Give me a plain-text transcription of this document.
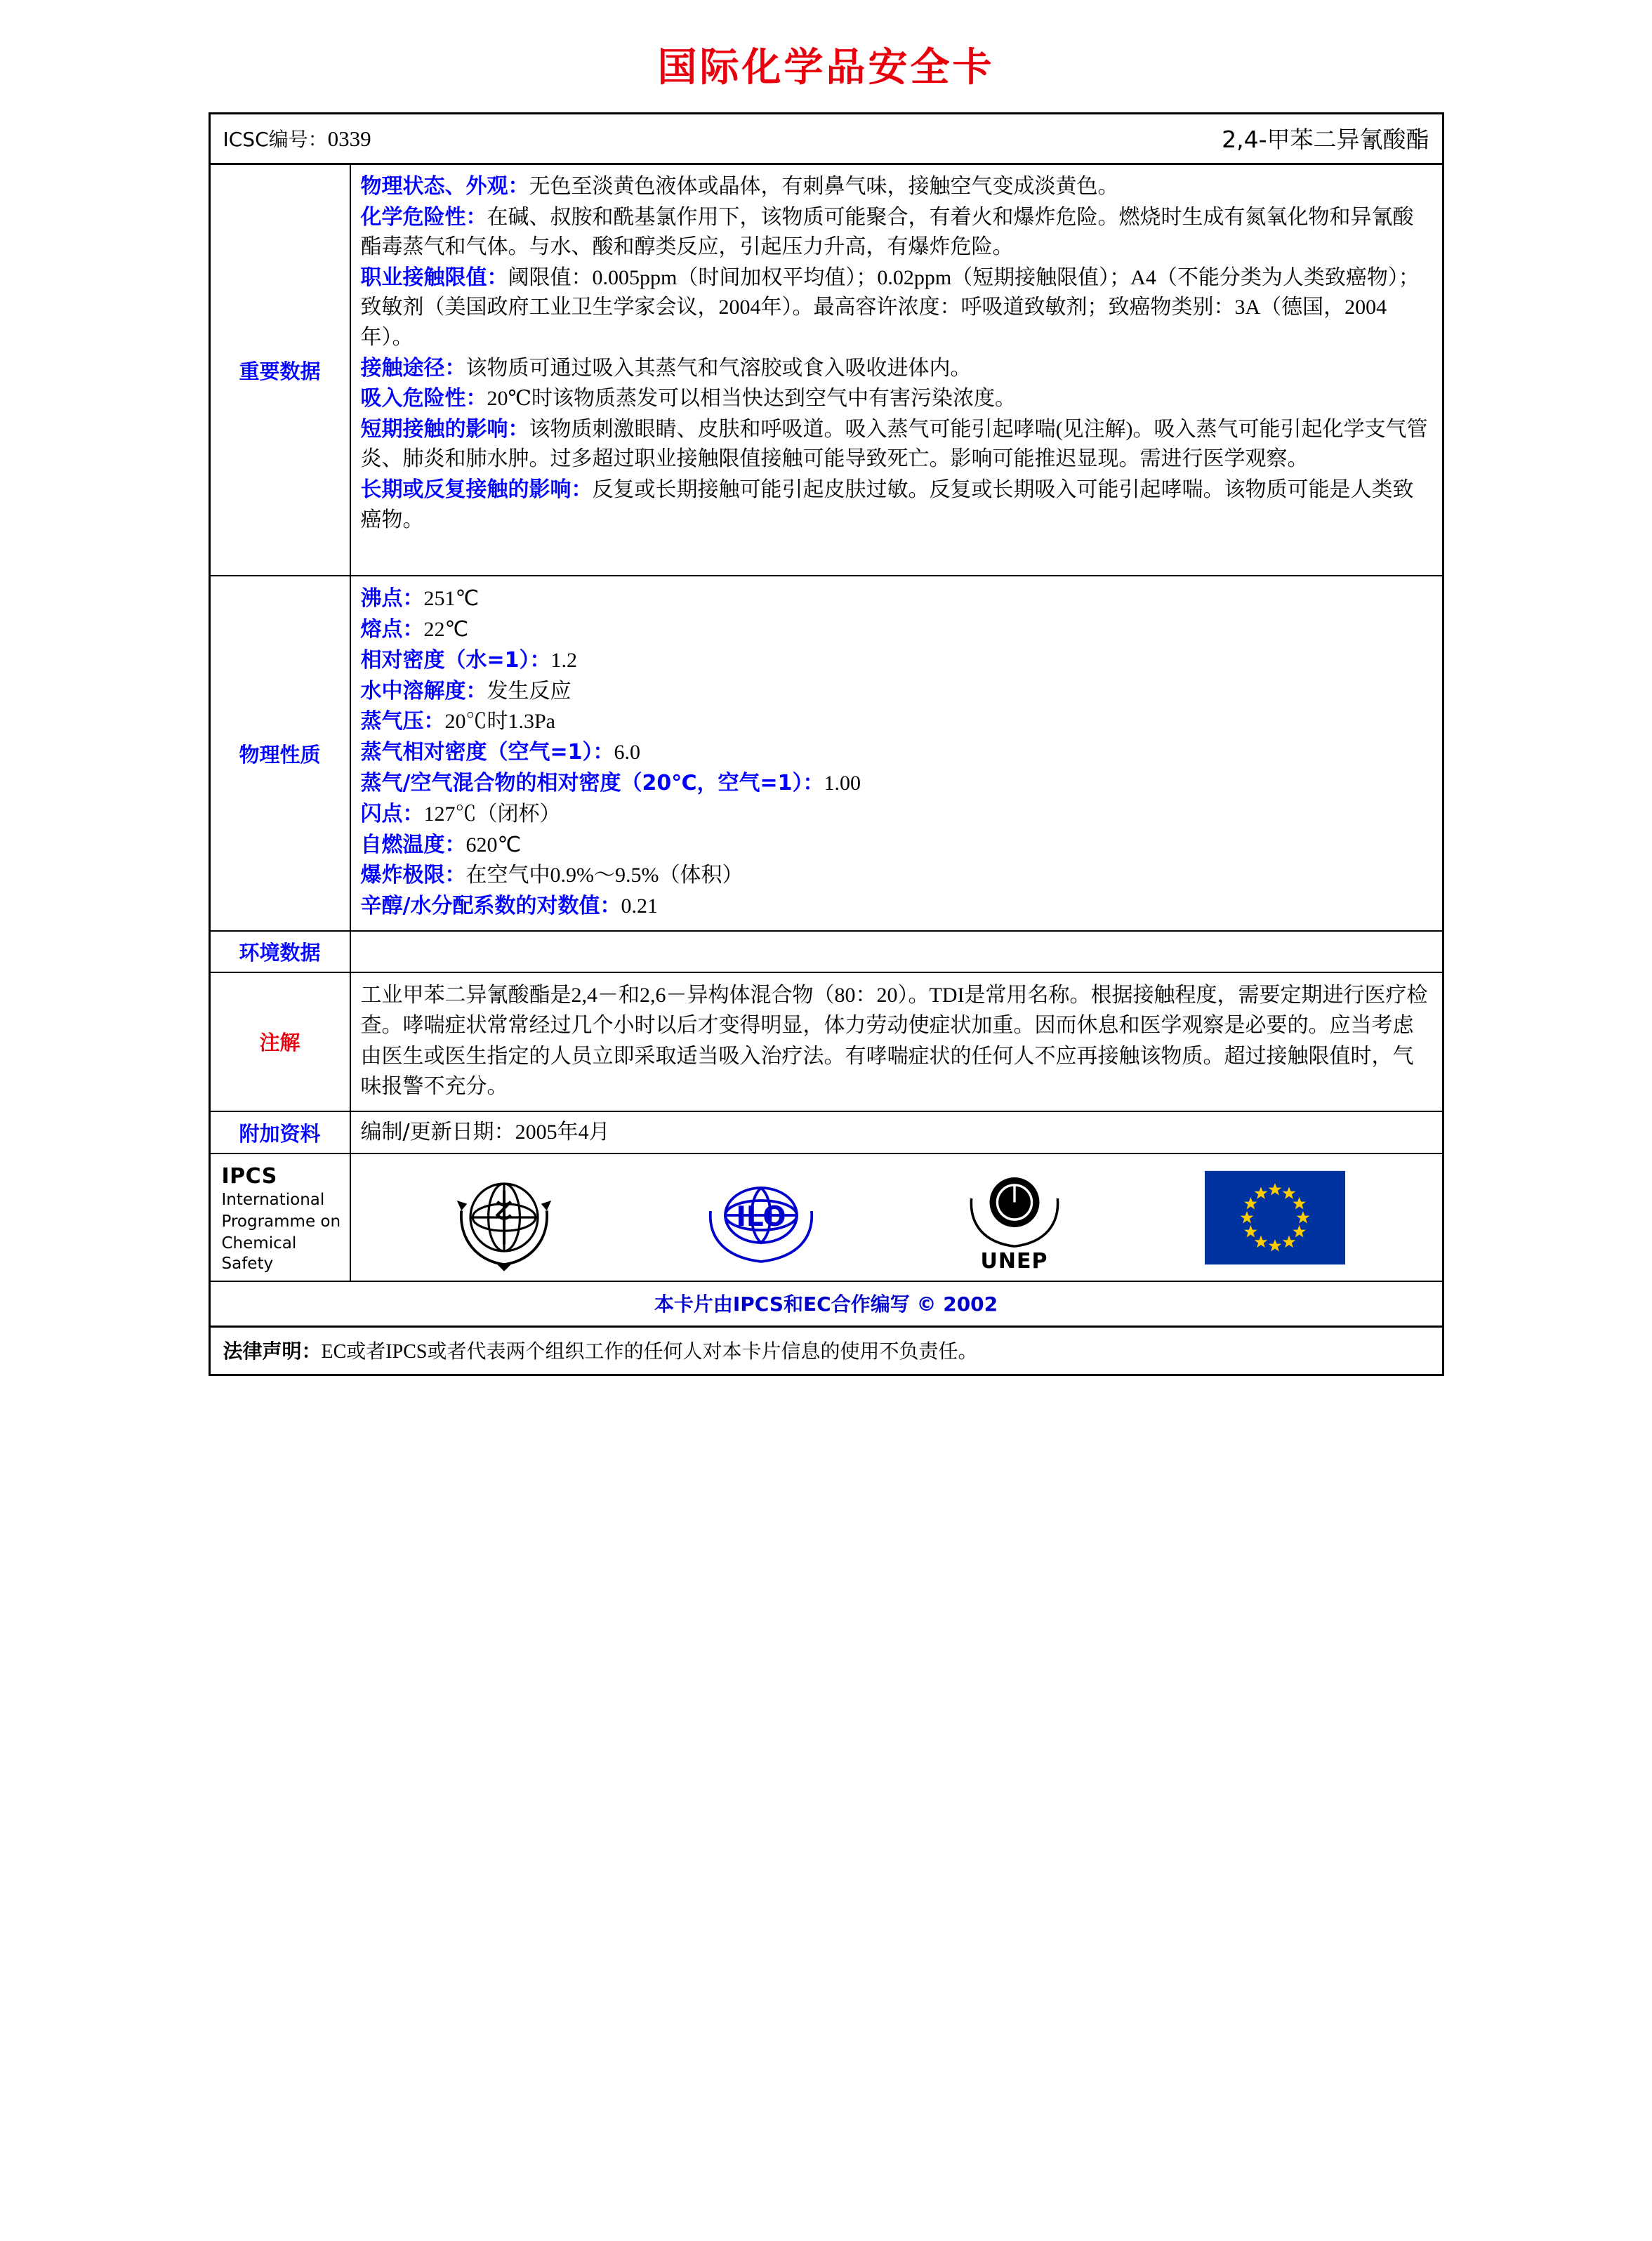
国际化学品安全卡
ICSC编号：0339	2,4-甲苯二异氰酸酯
重要数据
物理状态、外观：无色至淡黄色液体或晶体，有刺鼻气味，接触空气变成淡黄色。
化学危险性：在碱、叔胺和酰基氯作用下，该物质可能聚合，有着火和爆炸危险。燃烧时生成有氮氧化物和异氰酸酯毒蒸气和气体。与水、酸和醇类反应，引起压力升高，有爆炸危险。
职业接触限值：阈限值：0.005ppm（时间加权平均值）；0.02ppm（短期接触限值）；A4（不能分类为人类致癌物）；致敏剂（美国政府工业卫生学家会议，2004年）。最高容许浓度：呼吸道致敏剂；致癌物类别：3A（德国，2004年）。
接触途径：该物质可通过吸入其蒸气和气溶胶或食入吸收进体内。
吸入危险性：20℃时该物质蒸发可以相当快达到空气中有害污染浓度。
短期接触的影响：该物质刺激眼睛、皮肤和呼吸道。吸入蒸气可能引起哮喘(见注解)。吸入蒸气可能引起化学支气管炎、肺炎和肺水肿。过多超过职业接触限值接触可能导致死亡。影响可能推迟显现。需进行医学观察。
长期或反复接触的影响：反复或长期接触可能引起皮肤过敏。反复或长期吸入可能引起哮喘。该物质可能是人类致癌物。
物理性质
沸点：251℃
熔点：22℃
相对密度（水=1）：1.2
水中溶解度：发生反应
蒸气压：20℃时1.3Pa
蒸气相对密度（空气=1）：6.0
蒸气/空气混合物的相对密度（20℃，空气=1）：1.00
闪点：127℃（闭杯）
自燃温度：620℃
爆炸极限：在空气中0.9%～9.5%（体积）
辛醇/水分配系数的对数值：0.21
环境数据
注解
工业甲苯二异氰酸酯是2,4－和2,6－异构体混合物（80：20）。TDI是常用名称。根据接触程度，需要定期进行医疗检查。哮喘症状常常经过几个小时以后才变得明显，体力劳动使症状加重。因而休息和医学观察是必要的。应当考虑由医生或医生指定的人员立即采取适当吸入治疗法。有哮喘症状的任何人不应再接触该物质。超过接触限值时，气味报警不充分。
附加资料	编制/更新日期：2005年4月
IPCS
International
Programme on
Chemical Safety
ILO
UNEP
本卡片由IPCS和EC合作编写 © 2002
法律声明：EC或者IPCS或者代表两个组织工作的任何人对本卡片信息的使用不负责任。
